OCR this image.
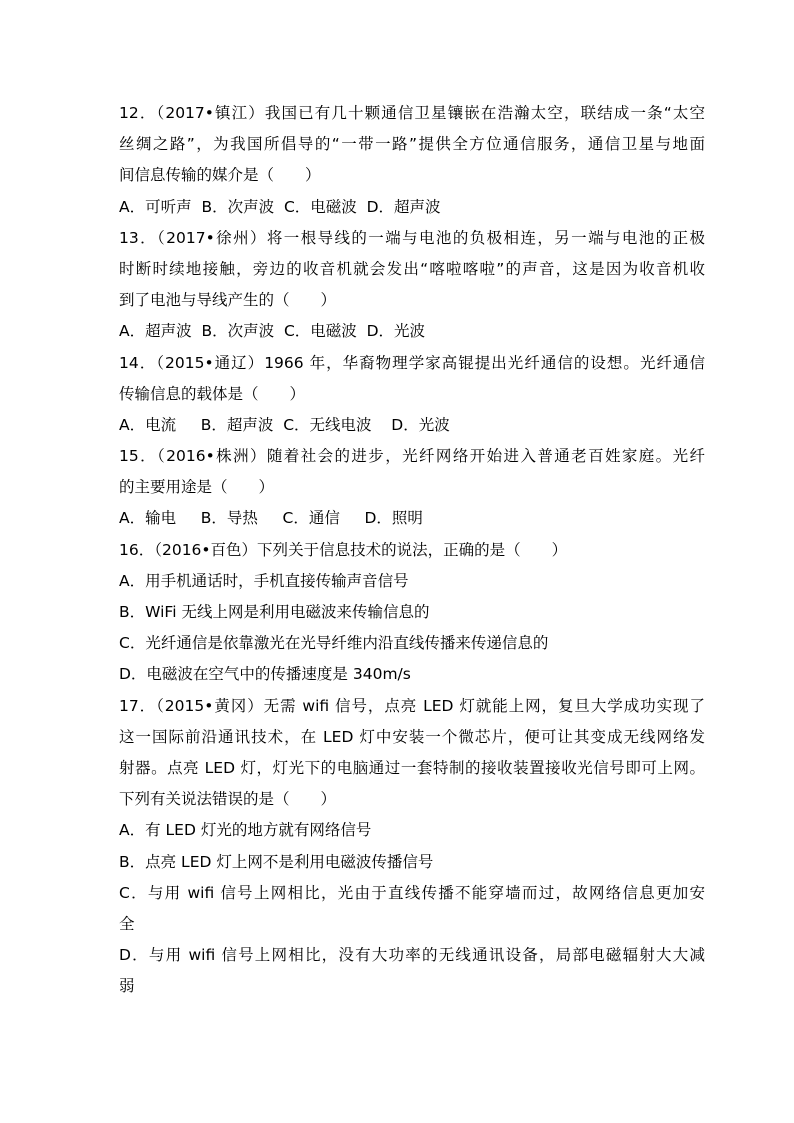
12．（2017•镇江）我国已有几十颗通信卫星镶嵌在浩瀚太空，联结成一条“太空
丝绸之路”，为我国所倡导的“一带一路”提供全方位通信服务，通信卫星与地面
间信息传输的媒介是（　　）
A．可听声  B．次声波  C．电磁波  D．超声波
13．（2017•徐州）将一根导线的一端与电池的负极相连，另一端与电池的正极
时断时续地接触，旁边的收音机就会发出“喀啦喀啦”的声音，这是因为收音机收
到了电池与导线产生的（　　）
A．超声波  B．次声波  C．电磁波  D．光波
14．（2015•通辽）1966 年，华裔物理学家高锟提出光纤通信的设想。光纤通信
传输信息的载体是（　　）
A．电流     B．超声波  C．无线电波    D．光波
15．（2016•株洲）随着社会的进步，光纤网络开始进入普通老百姓家庭。光纤
的主要用途是（　　）
A．输电     B．导热     C．通信     D．照明
16．（2016•百色）下列关于信息技术的说法，正确的是（　　）
A．用手机通话时，手机直接传输声音信号
B．WiFi 无线上网是利用电磁波来传输信息的
C．光纤通信是依靠激光在光导纤维内沿直线传播来传递信息的
D．电磁波在空气中的传播速度是 340m/s
17．（2015•黄冈）无需 wifi 信号，点亮 LED 灯就能上网，复旦大学成功实现了
这一国际前沿通讯技术，在 LED 灯中安装一个微芯片，便可让其变成无线网络发
射器。点亮 LED 灯，灯光下的电脑通过一套特制的接收装置接收光信号即可上网。
下列有关说法错误的是（　　）
A．有 LED 灯光的地方就有网络信号
B．点亮 LED 灯上网不是利用电磁波传播信号
C．与用 wifi 信号上网相比，光由于直线传播不能穿墙而过，故网络信息更加安
全
D．与用 wifi 信号上网相比，没有大功率的无线通讯设备，局部电磁辐射大大减
弱
